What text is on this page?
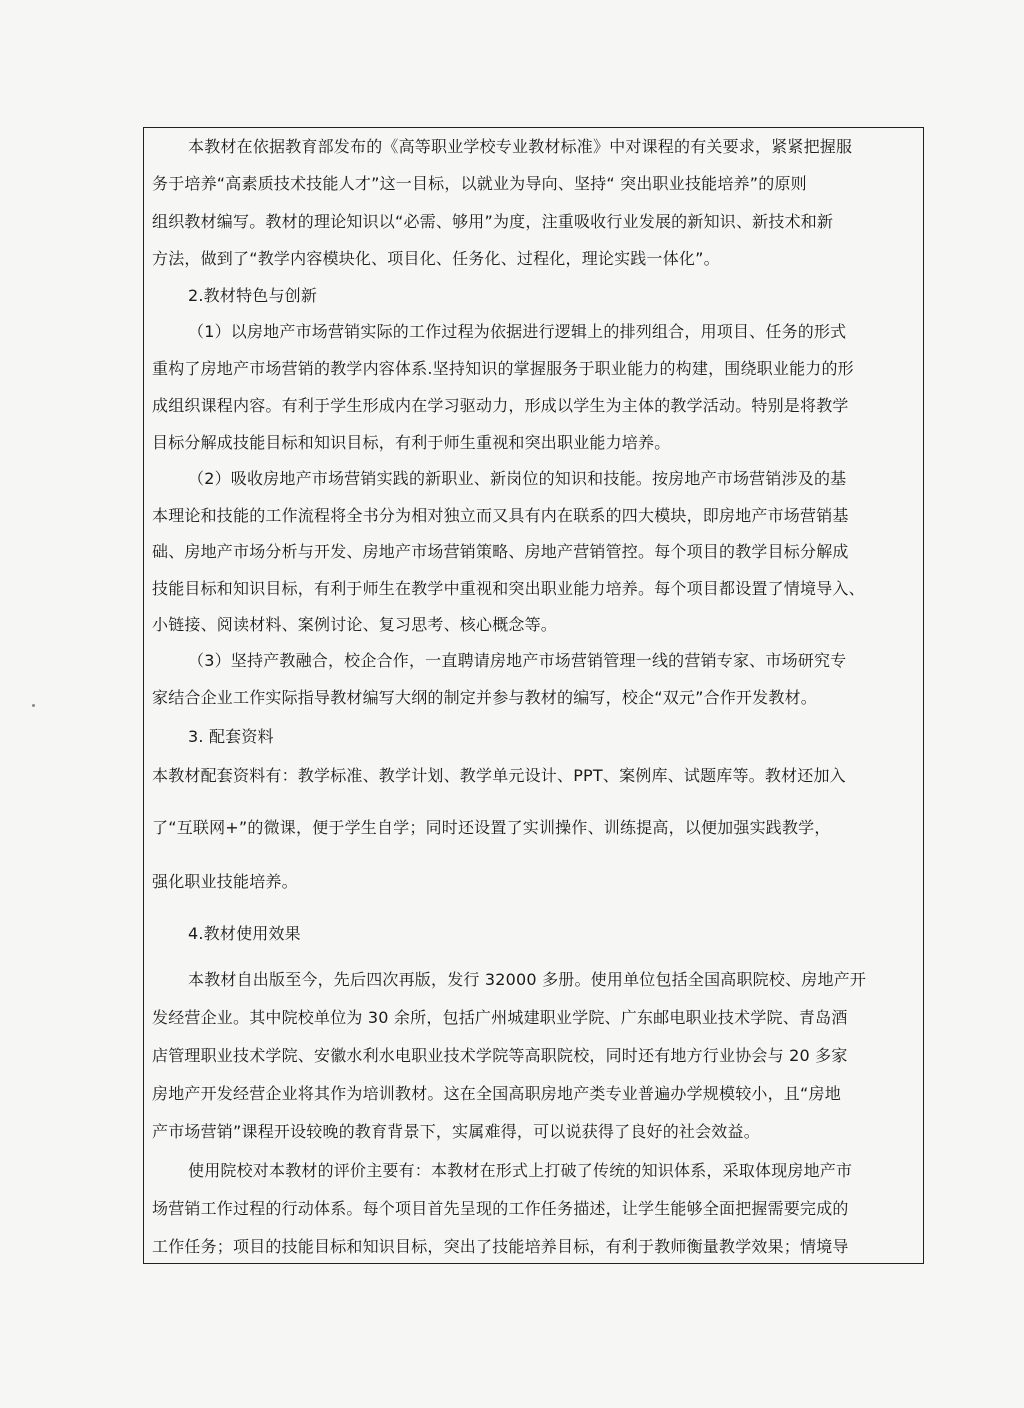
本教材在依据教育部发布的《高等职业学校专业教材标准》中对课程的有关要求，紧紧把握服
务于培养“高素质技术技能人才”这一目标，以就业为导向、坚持“ 突出职业技能培养”的原则
组织教材编写。教材的理论知识以“必需、够用”为度，注重吸收行业发展的新知识、新技术和新
方法，做到了“教学内容模块化、项目化、任务化、过程化，理论实践一体化”。
2.教材特色与创新
（1）以房地产市场营销实际的工作过程为依据进行逻辑上的排列组合，用项目、任务的形式
重构了房地产市场营销的教学内容体系.坚持知识的掌握服务于职业能力的构建，围绕职业能力的形
成组织课程内容。有利于学生形成内在学习驱动力，形成以学生为主体的教学活动。特别是将教学
目标分解成技能目标和知识目标，有利于师生重视和突出职业能力培养。
（2）吸收房地产市场营销实践的新职业、新岗位的知识和技能。按房地产市场营销涉及的基
本理论和技能的工作流程将全书分为相对独立而又具有内在联系的四大模块，即房地产市场营销基
础、房地产市场分析与开发、房地产市场营销策略、房地产营销管控。每个项目的教学目标分解成
技能目标和知识目标，有利于师生在教学中重视和突出职业能力培养。每个项目都设置了情境导入、
小链接、阅读材料、案例讨论、复习思考、核心概念等。
（3）坚持产教融合，校企合作，一直聘请房地产市场营销管理一线的营销专家、市场研究专
家结合企业工作实际指导教材编写大纲的制定并参与教材的编写，校企“双元”合作开发教材。
3. 配套资料
本教材配套资料有：教学标准、教学计划、教学单元设计、PPT、案例库、试题库等。教材还加入
了“互联网+”的微课，便于学生自学；同时还设置了实训操作、训练提高，以便加强实践教学，
强化职业技能培养。
4.教材使用效果
本教材自出版至今，先后四次再版，发行 32000 多册。使用单位包括全国高职院校、房地产开
发经营企业。其中院校单位为 30 余所，包括广州城建职业学院、广东邮电职业技术学院、青岛酒
店管理职业技术学院、安徽水利水电职业技术学院等高职院校，同时还有地方行业协会与 20 多家
房地产开发经营企业将其作为培训教材。这在全国高职房地产类专业普遍办学规模较小，且“房地
产市场营销”课程开设较晚的教育背景下，实属难得，可以说获得了良好的社会效益。
使用院校对本教材的评价主要有：本教材在形式上打破了传统的知识体系，采取体现房地产市
场营销工作过程的行动体系。每个项目首先呈现的工作任务描述，让学生能够全面把握需要完成的
工作任务；项目的技能目标和知识目标，突出了技能培养目标，有利于教师衡量教学效果；情境导
